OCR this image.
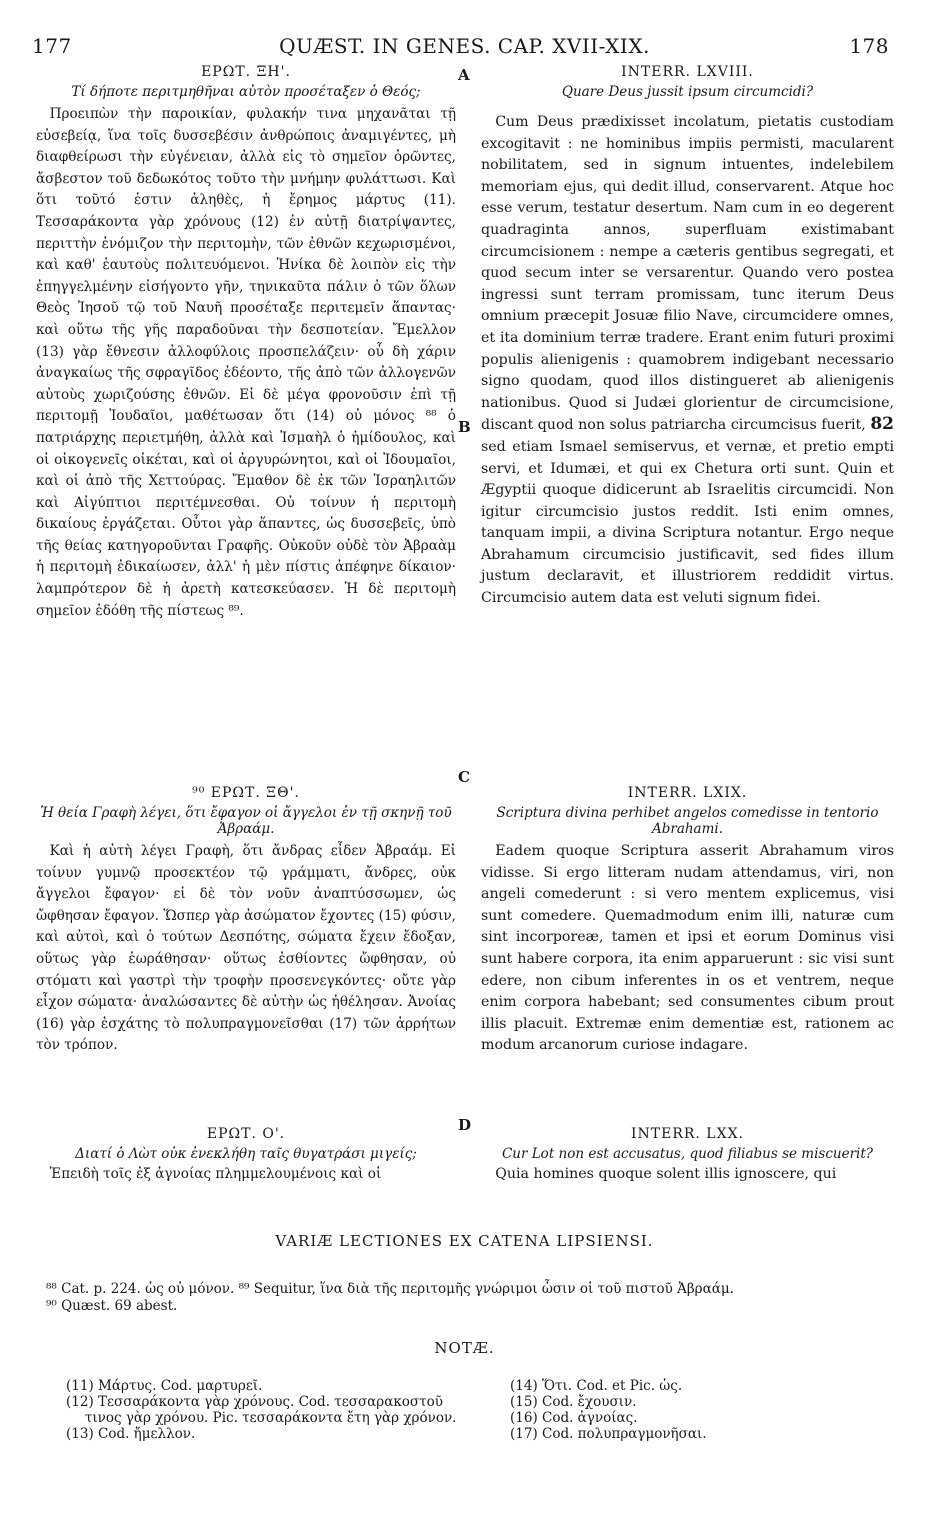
177	QUÆST. IN GENES. CAP. XVII-XIX.	178
A
B
C
D
ΕΡΩΤ. ΞΗ'.
Τί δήποτε περιτμηθῆναι αὐτὸν προσέταξεν ὁ Θεός;
Προειπὼν τὴν παροικίαν, φυλακήν τινα μηχανᾶται τῇ εὐσεβείᾳ, ἵνα τοῖς δυσσεβέσιν ἀνθρώποις ἀναμιγέντες, μὴ διαφθείρωσι τὴν εὐγένειαν, ἀλλὰ εἰς τὸ σημεῖον ὁρῶντες, ἄσβεστον τοῦ δεδωκότος τοῦτο τὴν μνήμην φυλάττωσι. Καὶ ὅτι τοῦτό ἐστιν ἀληθὲς, ἡ ἔρημος μάρτυς (11). Τεσσαράκοντα γὰρ χρόνους (12) ἐν αὐτῇ διατρίψαντες, περιττὴν ἐνόμιζον τὴν περιτομὴν, τῶν ἐθνῶν κεχωρισμένοι, καὶ καθ' ἑαυτοὺς πολιτευόμενοι. Ἡνίκα δὲ λοιπὸν εἰς τὴν ἐπηγγελμένην εἰσήγοντο γῆν, τηνικαῦτα πάλιν ὁ τῶν ὅλων Θεὸς Ἰησοῦ τῷ τοῦ Ναυῆ προσέταξε περιτεμεῖν ἅπαντας· καὶ οὕτω τῆς γῆς παραδοῦναι τὴν δεσποτείαν. Ἔμελλον (13) γὰρ ἔθνεσιν ἀλλοφύλοις προσπελάζειν· οὗ δὴ χάριν ἀναγκαίως τῆς σφραγῖδος ἐδέοντο, τῆς ἀπὸ τῶν ἀλλογενῶν αὐτοὺς χωριζούσης ἐθνῶν. Εἰ δὲ μέγα φρονοῦσιν ἐπὶ τῇ περιτομῇ Ἰουδαῖοι, μαθέτωσαν ὅτι (14) οὐ μόνος ⁸⁸ ὁ πατριάρχης περιετμήθη, ἀλλὰ καὶ Ἰσμαὴλ ὁ ἡμίδουλος, καὶ οἱ οἰκογενεῖς οἰκέται, καὶ οἱ ἀργυρώνητοι, καὶ οἱ Ἰδουμαῖοι, καὶ οἱ ἀπὸ τῆς Χεττούρας. Ἔμαθον δὲ ἐκ τῶν Ἰσραηλιτῶν καὶ Αἰγύπτιοι περιτέμνεσθαι. Οὐ τοίνυν ἡ περιτομὴ δικαίους ἐργάζεται. Οὗτοι γὰρ ἅπαντες, ὡς δυσσεβεῖς, ὑπὸ τῆς θείας κατηγοροῦνται Γραφῆς. Οὐκοῦν οὐδὲ τὸν Ἀβραὰμ ἡ περιτομὴ ἐδικαίωσεν, ἀλλ' ἡ μὲν πίστις ἀπέφηνε δίκαιον· λαμπρότερον δὲ ἡ ἀρετὴ κατεσκεύασεν. Ἡ δὲ περιτομὴ σημεῖον ἐδόθη τῆς πίστεως ⁸⁹.
⁹⁰ ΕΡΩΤ. ΞΘ'.
Ἡ θεία Γραφὴ λέγει, ὅτι ἔφαγον οἱ ἄγγελοι ἐν τῇ σκηνῇ τοῦ Ἀβραάμ.
Καὶ ἡ αὐτὴ λέγει Γραφὴ, ὅτι ἄνδρας εἶδεν Ἀβραάμ. Εἰ τοίνυν γυμνῷ προσεκτέον τῷ γράμματι, ἄνδρες, οὐκ ἄγγελοι ἔφαγον· εἰ δὲ τὸν νοῦν ἀναπτύσσωμεν, ὡς ὤφθησαν ἔφαγον. Ὥσπερ γὰρ ἀσώματον ἔχοντες (15) φύσιν, καὶ αὐτοὶ, καὶ ὁ τούτων Δεσπότης, σώματα ἔχειν ἔδοξαν, οὕτως γὰρ ἑωράθησαν· οὕτως ἐσθίοντες ὤφθησαν, οὐ στόματι καὶ γαστρὶ τὴν τροφὴν προσενεγκόντες· οὔτε γὰρ εἶχον σώματα· ἀναλώσαντες δὲ αὐτὴν ὡς ἠθέλησαν. Ἀνοίας (16) γὰρ ἐσχάτης τὸ πολυπραγμονεῖσθαι (17) τῶν ἀρρήτων τὸν τρόπον.
ΕΡΩΤ. Ο'.
Διατί ὁ Λὼτ οὐκ ἐνεκλήθη ταῖς θυγατράσι μιγείς;
Ἐπειδὴ τοῖς ἐξ ἀγνοίας πλημμελουμένοις καὶ οἱ
INTERR. LXVIII.
Quare Deus jussit ipsum circumcidi?
Cum Deus prædixisset incolatum, pietatis custodiam excogitavit : ne hominibus impiis permisti, macularent nobilitatem, sed in signum intuentes, indelebilem memoriam ejus, qui dedit illud, conservarent. Atque hoc esse verum, testatur desertum. Nam cum in eo degerent quadraginta annos, superfluam existimabant circumcisionem : nempe a cæteris gentibus segregati, et quod secum inter se versarentur. Quando vero postea ingressi sunt terram promissam, tunc iterum Deus omnium præcepit Josuæ filio Nave, circumcidere omnes, et ita dominium terræ tradere. Erant enim futuri proximi populis alienigenis : quamobrem indigebant necessario signo quodam, quod illos distingueret ab alienigenis nationibus. Quod si Judæi glorientur de circumcisione, discant quod non solus patriarcha circumcisus fuerit, 82 sed etiam Ismael semiservus, et vernæ, et pretio empti servi, et Idumæi, et qui ex Chetura orti sunt. Quin et Ægyptii quoque didicerunt ab Israelitis circumcidi. Non igitur circumcisio justos reddit. Isti enim omnes, tanquam impii, a divina Scriptura notantur. Ergo neque Abrahamum circumcisio justificavit, sed fides illum justum declaravit, et illustriorem reddidit virtus. Circumcisio autem data est veluti signum fidei.
INTERR. LXIX.
Scriptura divina perhibet angelos comedisse in tentorio Abrahami.
Eadem quoque Scriptura asserit Abrahamum viros vidisse. Si ergo litteram nudam attendamus, viri, non angeli comederunt : si vero mentem explicemus, visi sunt comedere. Quemadmodum enim illi, naturæ cum sint incorporeæ, tamen et ipsi et eorum Dominus visi sunt habere corpora, ita enim apparuerunt : sic visi sunt edere, non cibum inferentes in os et ventrem, neque enim corpora habebant; sed consumentes cibum prout illis placuit. Extremæ enim dementiæ est, rationem ac modum arcanorum curiose indagare.
INTERR. LXX.
Cur Lot non est accusatus, quod filiabus se miscuerit?
Quia homines quoque solent illis ignoscere, qui
VARIÆ LECTIONES EX CATENA LIPSIENSI.
⁸⁸ Cat. p. 224. ὡς οὐ μόνον. ⁸⁹ Sequitur, ἵνα διὰ τῆς περιτομῆς γνώριμοι ὦσιν οἱ τοῦ πιστοῦ Ἀβραάμ.
⁹⁰ Quæst. 69 abest.
NOTÆ.
(11) Μάρτυς. Cod. μαρτυρεῖ.
(12) Τεσσαράκοντα γὰρ χρόνους. Cod. τεσσαρακοστοῦ τινος γὰρ χρόνου. Pic. τεσσαράκοντα ἔτη γὰρ χρόνον.
(13) Cod. ἤμελλον.
(14) Ὅτι. Cod. et Pic. ὡς.
(15) Cod. ἔχουσιν.
(16) Cod. ἀγνοίας.
(17) Cod. πολυπραγμονῆσαι.
